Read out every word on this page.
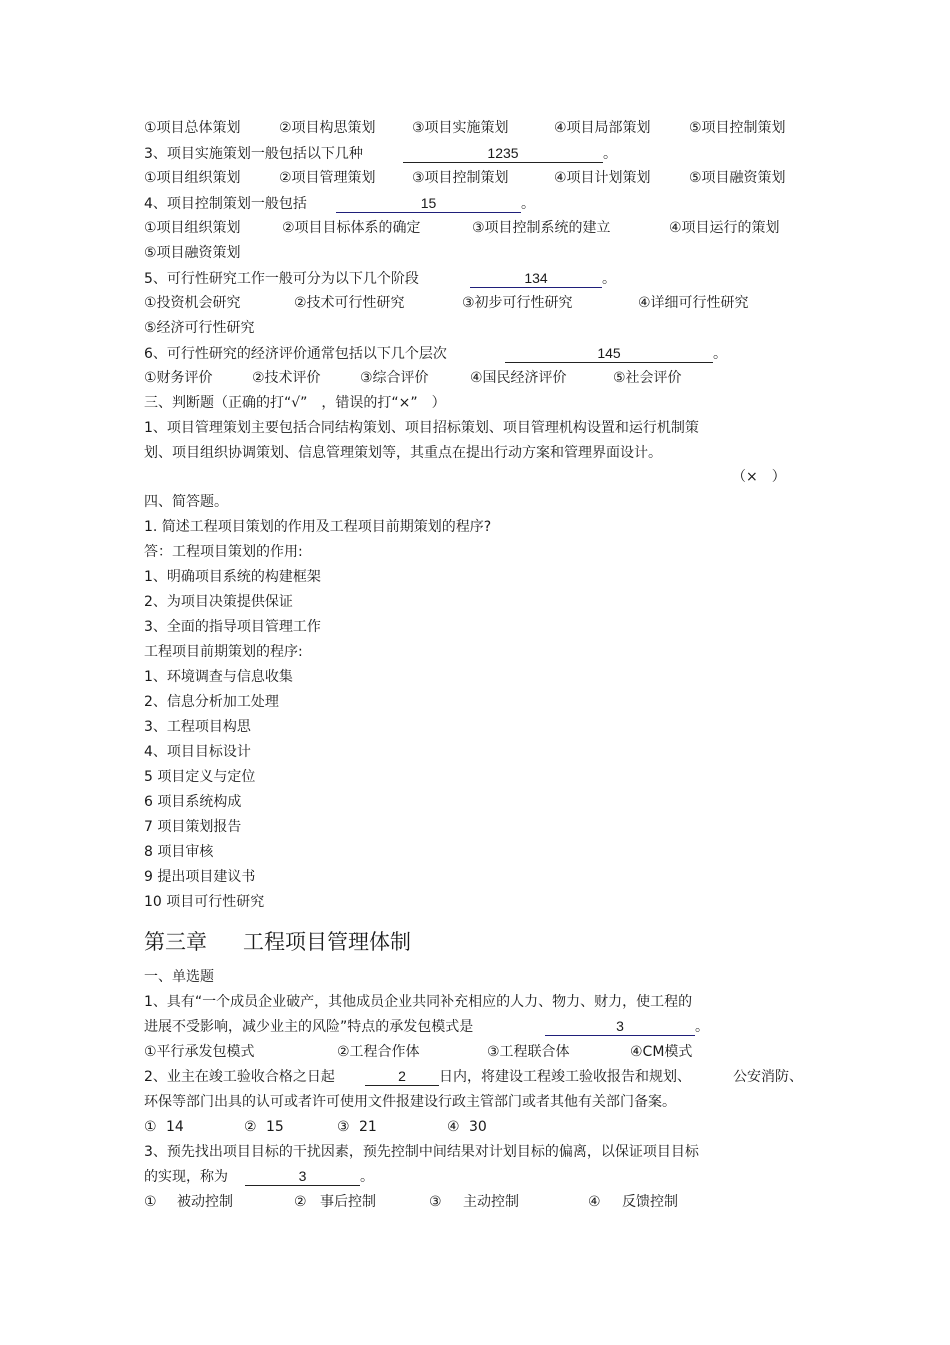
①项目总体策划	②项目构思策划	③项目实施策划	④项目局部策划	⑤项目控制策划
3、项目实施策划一般包括以下几种	1235	。
①项目组织策划	②项目管理策划	③项目控制策划	④项目计划策划	⑤项目融资策划
4、项目控制策划一般包括	15	。
①项目组织策划	②项目目标体系的确定	③项目控制系统的建立	④项目运行的策划
⑤项目融资策划
5、可行性研究工作一般可分为以下几个阶段	134	。
①投资机会研究	②技术可行性研究	③初步可行性研究	④详细可行性研究
⑤经济可行性研究
6、可行性研究的经济评价通常包括以下几个层次	145	。
①财务评价	②技术评价	③综合评价	④国民经济评价	⑤社会评价
三、判断题（正确的打“√”　，错误的打“×”　）
1、项目管理策划主要包括合同结构策划、项目招标策划、项目管理机构设置和运行机制策
划、项目组织协调策划、信息管理策划等，其重点在提出行动方案和管理界面设计。
（×　）
四、简答题。
1. 简述工程项目策划的作用及工程项目前期策划的程序?
答：工程项目策划的作用:
1、明确项目系统的构建框架
2、为项目决策提供保证
3、全面的指导项目管理工作
工程项目前期策划的程序:
1、环境调查与信息收集
2、信息分析加工处理
3、工程项目构思
4、项目目标设计
5 项目定义与定位
6 项目系统构成
7 项目策划报告
8 项目审核
9 提出项目建议书
10 项目可行性研究
第三章 工程项目管理体制
一、单选题
1、具有“一个成员企业破产，其他成员企业共同补充相应的人力、物力、财力，使工程的
进展不受影响，减少业主的风险”特点的承发包模式是	3	。
①平行承发包模式	②工程合作体	③工程联合体	④CM模式
2、业主在竣工验收合格之日起	2 日内，将建设工程竣工验收报告和规划、	公安消防、
环保等部门出具的认可或者许可使用文件报建设行政主管部门或者其他有关部门备案。
① 14	② 15	③ 21	④ 30
3、预先找出项目目标的干扰因素，预先控制中间结果对计划目标的偏离，以保证项目目标
的实现，称为	3	。
① 被动控制	② 事后控制	③ 主动控制	④ 反馈控制
